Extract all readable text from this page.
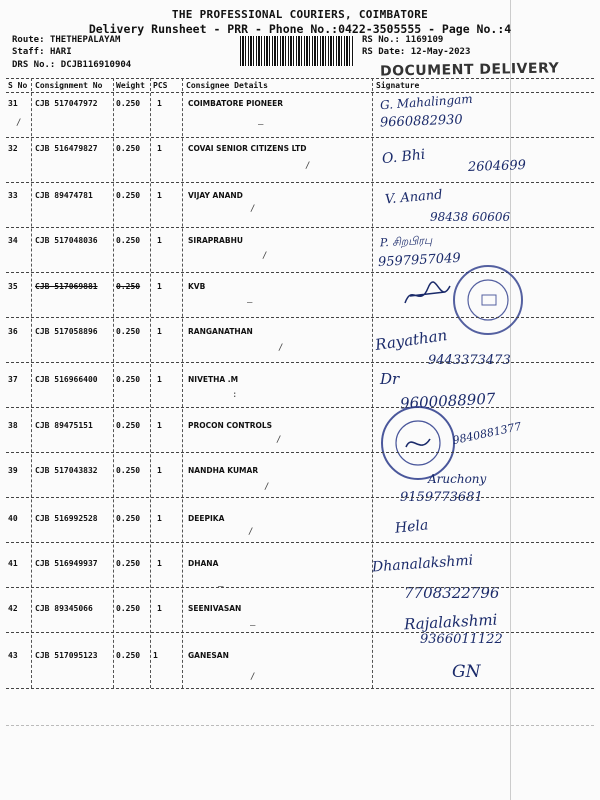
THE PROFESSIONAL COURIERS, COIMBATORE
Delivery Runsheet - PRR - Phone No.:0422-3505555 - Page No.:4
Route: THETHEPALAYAM
Staff: HARI
DRS No.: DCJB116910904
RS No.: 1169109
RS Date: 12-May-2023
DOCUMENT DELIVERY
S No Consignment No Weight PCS Consignee Details	Signature
31 CJB 517047972 0.250 1	COIMBATORE PIONEER	G. Mahalingam
9660882930
/	–
32 CJB 516479827 0.250 1	COVAI SENIOR CITIZENS LTD	O. Bhi	2604699
/
33 CJB 89474781	0.250 1	VIJAY ANAND	V. Anand
98438 60606
/
34 CJB 517048036 0.250 1	SIRAPRABHU	P. சிறபிரபு
9597957049
/
35 CJB 517069881 0.250 1	KVB
–
36 CJB 517058896 0.250 1	RANGANATHAN	Rayathan
9443373473
/
37 CJB 516966400 0.250 1	NIVETHA .M	Dr
9600088907
:
38 CJB 89475151	0.250 1	PROCON CONTROLS	9840881377
/
39 CJB 517043832 0.250 1	NANDHA KUMAR
Aruchony
9159773681
/
40 CJB 516992528 0.250 1	DEEPIKA	Hela
/
41 CJB 516949937 0.250 1	DHANA	Dhanalakshmi
7708322796
–
42 CJB 89345066	0.250 1	SEENIVASAN
Rajalakshmi
9366011122
–
43 CJB 517095123 0.250 1	GANESAN
GN
/
